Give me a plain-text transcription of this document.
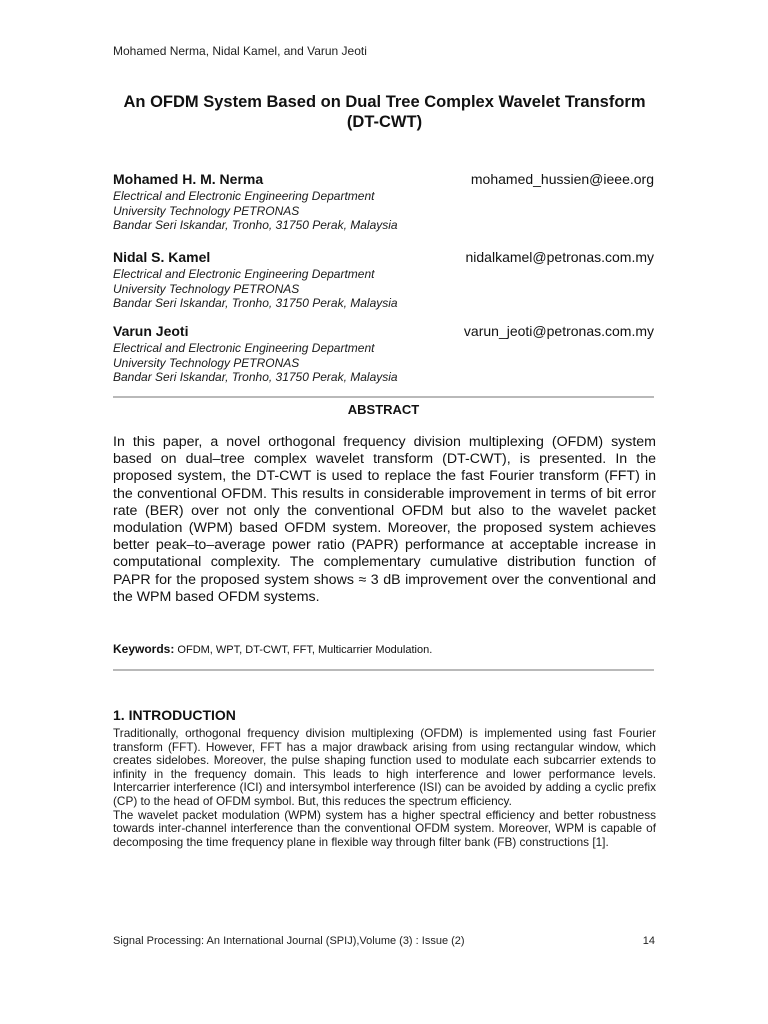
Mohamed Nerma, Nidal Kamel, and Varun Jeoti
An OFDM System Based on Dual Tree Complex Wavelet Transform (DT-CWT)
Mohamed H. M. Nerma	mohamed_hussien@ieee.org
Electrical and Electronic Engineering Department
University Technology PETRONAS
Bandar Seri Iskandar, Tronho, 31750 Perak, Malaysia
Nidal S. Kamel	nidalkamel@petronas.com.my
Electrical and Electronic Engineering Department
University Technology PETRONAS
Bandar Seri Iskandar, Tronho, 31750 Perak, Malaysia
Varun Jeoti	varun_jeoti@petronas.com.my
Electrical and Electronic Engineering Department
University Technology PETRONAS
Bandar Seri Iskandar, Tronho, 31750 Perak, Malaysia
ABSTRACT
In this paper, a novel orthogonal frequency division multiplexing (OFDM) system based on dual–tree complex wavelet transform (DT-CWT), is presented. In the proposed system, the DT-CWT is used to replace the fast Fourier transform (FFT) in the conventional OFDM. This results in considerable improvement in terms of bit error rate (BER) over not only the conventional OFDM but also to the wavelet packet modulation (WPM) based OFDM system. Moreover, the proposed system achieves better peak–to–average power ratio (PAPR) performance at acceptable increase in computational complexity. The complementary cumulative distribution function of PAPR for the proposed system shows ≈ 3 dB improvement over the conventional and the WPM based OFDM systems.
Keywords: OFDM, WPT, DT-CWT, FFT, Multicarrier Modulation.
1. INTRODUCTION

Traditionally, orthogonal frequency division multiplexing (OFDM) is implemented using fast Fourier transform (FFT). However, FFT has a major drawback arising from using rectangular window, which creates sidelobes. Moreover, the pulse shaping function used to modulate each subcarrier extends to infinity in the frequency domain. This leads to high interference and lower performance levels. Intercarrier interference (ICI) and intersymbol interference (ISI) can be avoided by adding a cyclic prefix (CP) to the head of OFDM symbol. But, this reduces the spectrum efficiency.

The wavelet packet modulation (WPM) system has a higher spectral efficiency and better robustness towards inter-channel interference than the conventional OFDM system. Moreover, WPM is capable of decomposing the time frequency plane in flexible way through filter bank (FB) constructions [1].

Signal Processing: An International Journal (SPIJ),Volume (3) : Issue (2)	14
